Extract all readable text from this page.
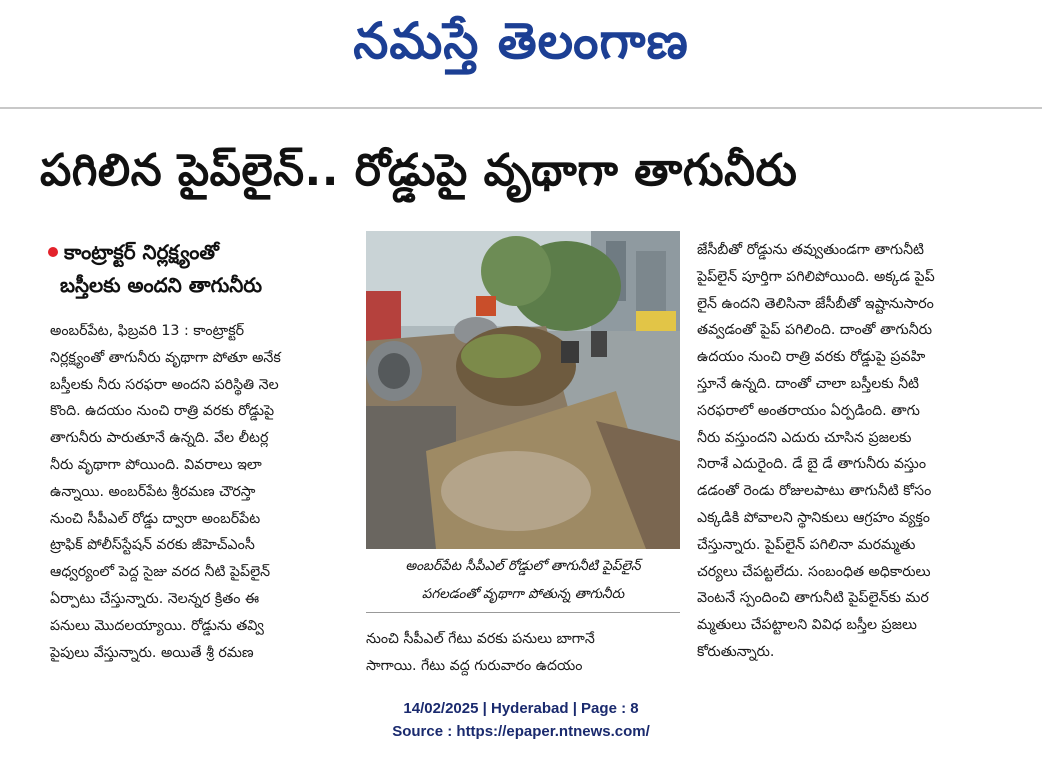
నమస్తే తెలంగాణ
పగిలిన పైప్‌లైన్.. రోడ్డుపై వృథాగా తాగునీరు
కాంట్రాక్టర్ నిర్లక్ష్యంతో
బస్తీలకు అందని తాగునీరు

అంబర్‌పేట, ఫిబ్రవరి 13 : కాంట్రాక్టర్

నిర్లక్ష్యంతో తాగునీరు వృథాగా పోతూ అనేక

బస్తీలకు నీరు సరఫరా అందని పరిస్థితి నెల

కొంది. ఉదయం నుంచి రాత్రి వరకు రోడ్డుపై

తాగునీరు పారుతూనే ఉన్నది. వేల లీటర్ల

నీరు వృథాగా పోయింది. వివరాలు ఇలా

ఉన్నాయి. అంబర్‌పేట శ్రీరమణ చౌరస్తా

నుంచి సీపీఎల్ రోడ్డు ద్వారా అంబర్‌పేట

ట్రాఫిక్ పోలీస్‌స్టేషన్ వరకు జీహెచ్‌ఎంసీ

ఆధ్వర్యంలో పెద్ద సైజు వరద నీటి పైప్‌లైన్

ఏర్పాటు చేస్తున్నారు. నెలన్నర క్రితం ఈ

పనులు మొదలయ్యాయి. రోడ్డును తవ్వి

పైపులు వేస్తున్నారు. అయితే శ్రీ రమణ

అంబర్‌పేట సీపీఎల్ రోడ్డులో తాగునీటి పైప్‌లైన్
పగలడంతో వృథాగా పోతున్న తాగునీరు

నుంచి సీపీఎల్ గేటు వరకు పనులు బాగానే

సాగాయి. గేటు వద్ద గురువారం ఉదయం

జేసీబీతో రోడ్డును తవ్వుతుండగా తాగునీటి

పైప్‌లైన్ పూర్తిగా పగిలిపోయింది. అక్కడ పైప్

లైన్ ఉందని తెలిసినా జేసీబీతో ఇష్టానుసారం

తవ్వడంతో పైప్ పగిలింది. దాంతో తాగునీరు

ఉదయం నుంచి రాత్రి వరకు రోడ్డుపై ప్రవహి

స్తూనే ఉన్నది. దాంతో చాలా బస్తీలకు నీటి

సరఫరాలో అంతరాయం ఏర్పడింది. తాగు

నీరు వస్తుందని ఎదురు చూసిన ప్రజలకు

నిరాశే ఎదురైంది. డే బై డే తాగునీరు వస్తుం

డడంతో రెండు రోజులపాటు తాగునీటి కోసం

ఎక్కడికి పోవాలని స్థానికులు ఆగ్రహం వ్యక్తం

చేస్తున్నారు. పైప్‌లైన్ పగిలినా మరమ్మతు

చర్యలు చేపట్టలేదు. సంబంధిత అధికారులు

వెంటనే స్పందించి తాగునీటి పైప్‌లైన్‌కు మర

మ్మతులు చేపట్టాలని వివిధ బస్తీల ప్రజలు

కోరుతున్నారు.

14/02/2025 | Hyderabad | Page : 8
Source : https://epaper.ntnews.com/
